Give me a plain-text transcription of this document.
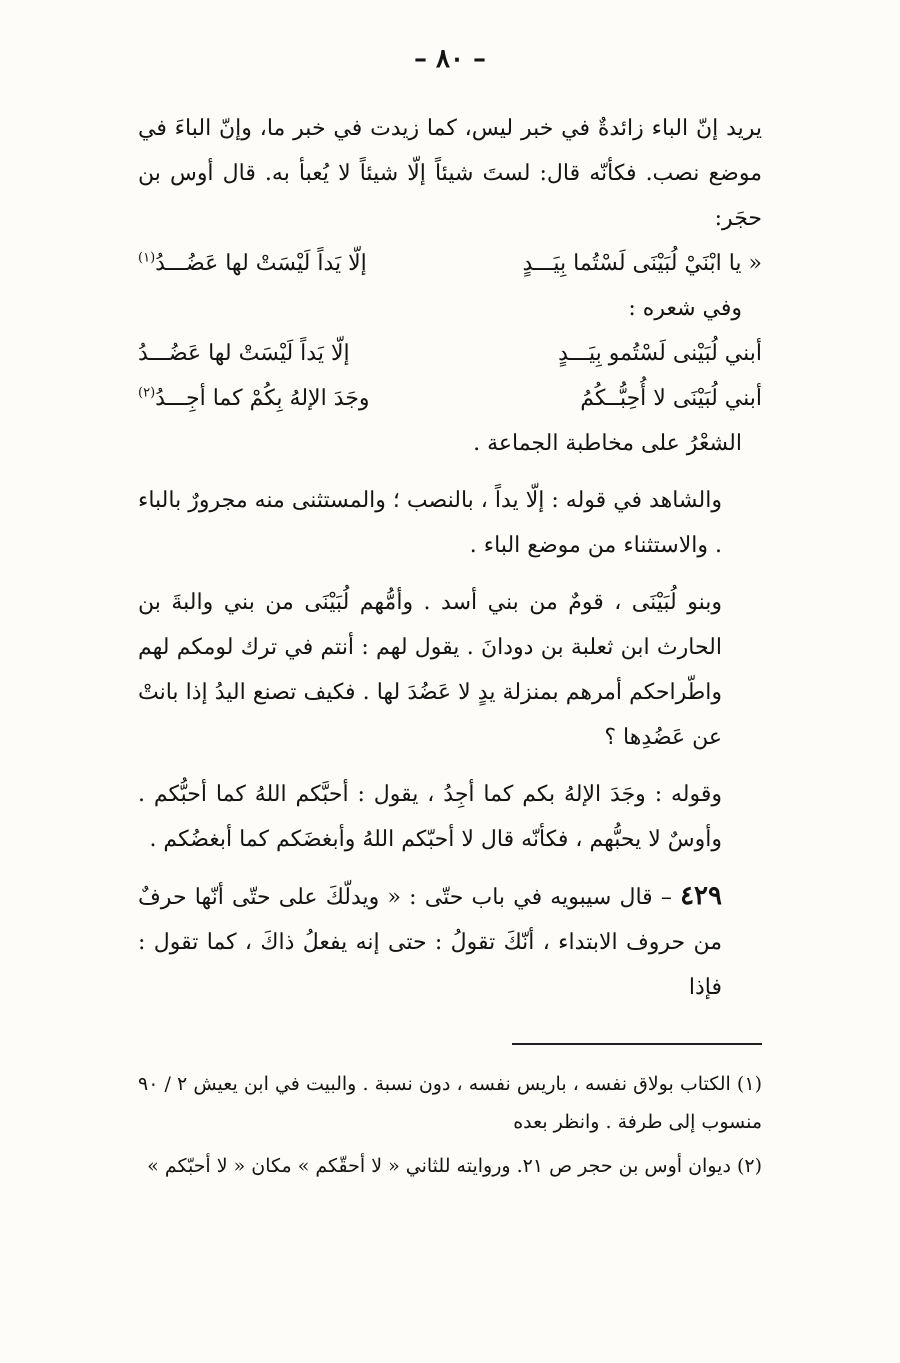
– ٨٠ –

يريد إنّ الباء زائدةٌ في خبر ليس، كما زيدت في خبر ما، وإنّ الباءَ في موضع نصب. فكأنّه قال: لستَ شيئاً إلّا شيئاً لا يُعبأ به. قال أوس بن حجَر:

« يا ابْنَيْ لُبَيْنَى لَسْتُما بِيَـــدٍ
إلّا يَداً لَيْسَتْ لها عَضُـــدُ$^{(١)}$

وفي شعره :

أبني لُبَيْنى لَسْتُمو بِيَـــدٍ
إلّا يَداً لَيْسَتْ لها عَضُـــدُ
أبني لُبَيْنَى لا أُحِبُّــكُمُ
وجَدَ الإلهُ بِكُمْ كما أجِـــدُ$^{(٢)}$

الشعْرُ على مخاطبة الجماعة .

والشاهد في قوله : إلّا يداً ، بالنصب ؛ والمستثنى منه مجرورٌ بالباء . والاستثناء من موضع الباء .

وبنو لُبَيْنَى ، قومٌ من بني أسد . وأمُّهم لُبَيْنَى من بني والبةَ بن الحارث ابن ثعلبة بن دودانَ . يقول لهم : أنتم في ترك لومكم لهم واطّراحكم أمرهم بمنزلة يدٍ لا عَضُدَ لها . فكيف تصنع اليدُ إذا بانتْ عن عَضُدِها ؟

وقوله : وجَدَ الإلهُ بكم كما أجِدُ ، يقول : أحبَّكم اللهُ كما أحبُّكم . وأوسٌ لا يحبُّهم ، فكأنّه قال لا أحبّكم اللهُ وأبغضَكم كما أبغضُكم .

٤٢٩ – قال سيبويه في باب حتّى : « ويدلّكَ على حتّى أنّها حرفٌ من حروف الابتداء ، أنّكَ تقولُ : حتى إنه يفعلُ ذاكَ ، كما تقول : فإذا

(١) الكتاب بولاق نفسه ، باريس نفسه ، دون نسبة . والبيت في ابن يعيش ٢ / ٩٠ منسوب إلى طرفة . وانظر بعده

(٢) ديوان أوس بن حجر ص ٢١. وروايته للثاني « لا أحقّكم » مكان « لا أحبّكم »
